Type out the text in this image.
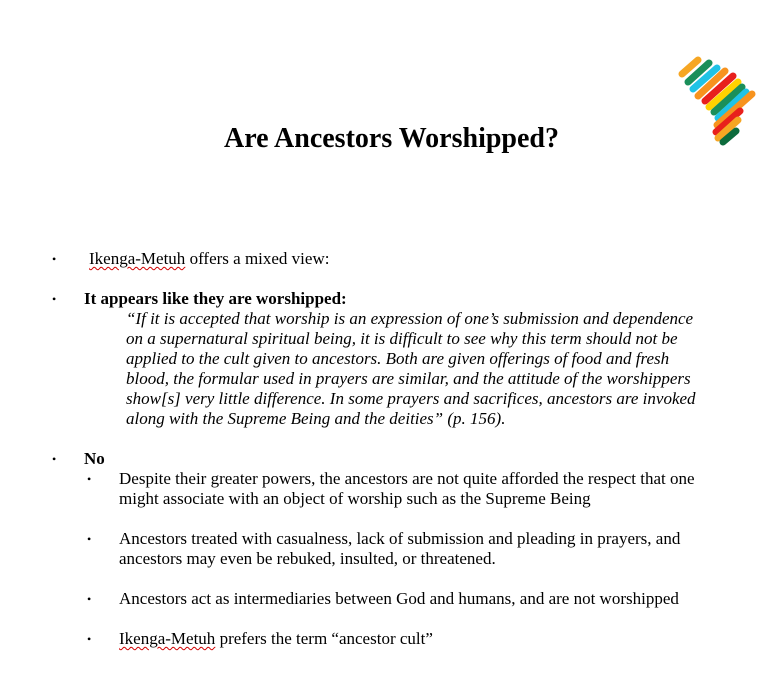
Are Ancestors Worshipped?
• Ikenga-Metuh offers a mixed view:
• It appears like they are worshipped:
“If it is accepted that worship is an expression of one’s submission and dependence
on a supernatural spiritual being, it is difficult to see why this term should not be
applied to the cult given to ancestors. Both are given offerings of food and fresh
blood, the formular used in prayers are similar, and the attitude of the worshippers
show[s] very little difference. In some prayers and sacrifices, ancestors are invoked
along with the Supreme Being and the deities” (p. 156).
• No
• Despite their greater powers, the ancestors are not quite afforded the respect that one
might associate with an object of worship such as the Supreme Being
• Ancestors treated with casualness, lack of submission and pleading in prayers, and
ancestors may even be rebuked, insulted, or threatened.
• Ancestors act as intermediaries between God and humans, and are not worshipped
• Ikenga-Metuh prefers the term “ancestor cult”
